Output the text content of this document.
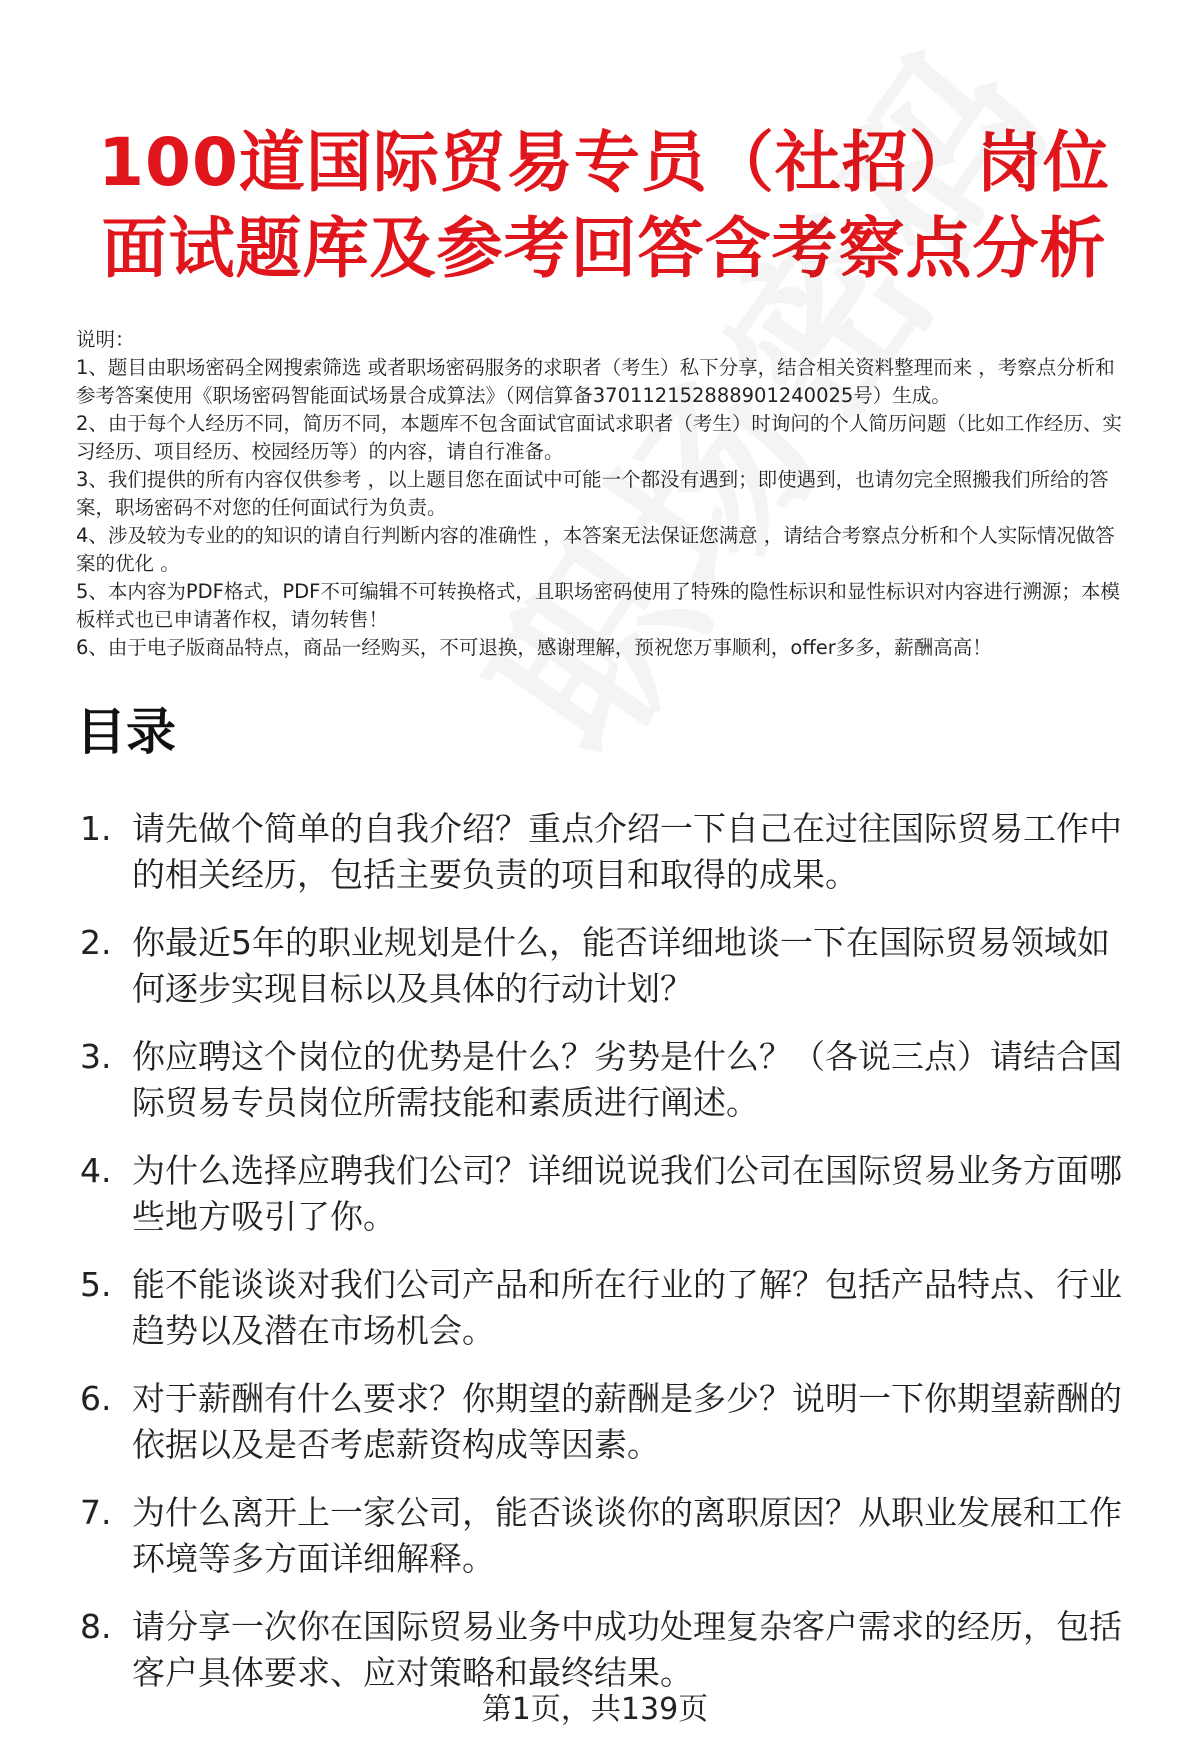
100道国际贸易专员（社招）岗位面试题库及参考回答含考察点分析
说明：
1、题目由职场密码全网搜索筛选 或者职场密码服务的求职者（考生）私下分享，结合相关资料整理而来 ，考察点分析和参考答案使用《职场密码智能面试场景合成算法》（网信算备370112152888901240025号）生成。
2、由于每个人经历不同，简历不同，本题库不包含面试官面试求职者（考生）时询问的个人简历问题（比如工作经历、实习经历、项目经历、校园经历等）的内容，请自行准备。
3、我们提供的所有内容仅供参考 ，以上题目您在面试中可能一个都没有遇到；即使遇到，也请勿完全照搬我们所给的答案，职场密码不对您的任何面试行为负责。
4、涉及较为专业的的知识的请自行判断内容的准确性 ，本答案无法保证您满意 ，请结合考察点分析和个人实际情况做答案的优化 。
5、本内容为PDF格式，PDF不可编辑不可转换格式，且职场密码使用了特殊的隐性标识和显性标识对内容进行溯源；本模板样式也已申请著作权，请勿转售！
6、由于电子版商品特点，商品一经购买，不可退换，感谢理解，预祝您万事顺利，offer多多，薪酬高高！
目录
1. 请先做个简单的自我介绍？重点介绍一下自己在过往国际贸易工作中的相关经历，包括主要负责的项目和取得的成果。
2. 你最近5年的职业规划是什么，能否详细地谈一下在国际贸易领域如何逐步实现目标以及具体的行动计划？
3. 你应聘这个岗位的优势是什么？劣势是什么？（各说三点）请结合国际贸易专员岗位所需技能和素质进行阐述。
4. 为什么选择应聘我们公司？详细说说我们公司在国际贸易业务方面哪些地方吸引了你。
5. 能不能谈谈对我们公司产品和所在行业的了解？包括产品特点、行业趋势以及潜在市场机会。
6. 对于薪酬有什么要求？你期望的薪酬是多少？说明一下你期望薪酬的依据以及是否考虑薪资构成等因素。
7. 为什么离开上一家公司，能否谈谈你的离职原因？从职业发展和工作环境等多方面详细解释。
8. 请分享一次你在国际贸易业务中成功处理复杂客户需求的经历，包括客户具体要求、应对策略和最终结果。
第1页，共139页
